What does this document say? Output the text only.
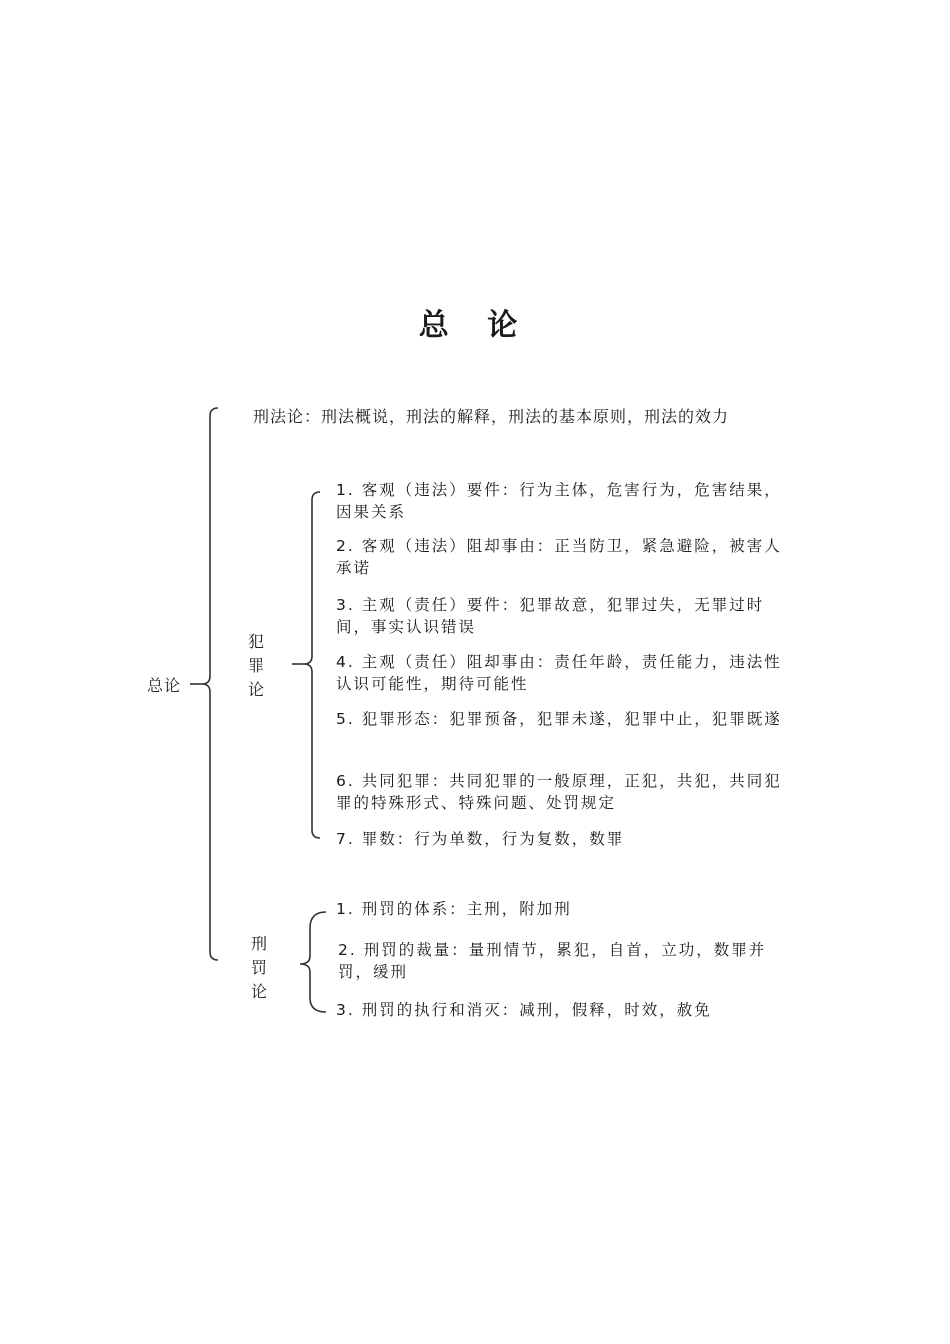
总 论
总论
刑法论：刑法概说，刑法的解释，刑法的基本原则，刑法的效力
犯罪论
1. 客观（违法）要件：行为主体，危害行为，危害结果，因果关系
2. 客观（违法）阻却事由：正当防卫，紧急避险，被害人承诺
3. 主观（责任）要件：犯罪故意，犯罪过失，无罪过时间，事实认识错误
4. 主观（责任）阻却事由：责任年龄，责任能力，违法性认识可能性，期待可能性
5. 犯罪形态：犯罪预备，犯罪未遂，犯罪中止，犯罪既遂
6. 共同犯罪：共同犯罪的一般原理，正犯，共犯，共同犯罪的特殊形式、特殊问题、处罚规定
7. 罪数：行为单数，行为复数，数罪
刑罚论
1. 刑罚的体系：主刑，附加刑
2. 刑罚的裁量：量刑情节，累犯，自首，立功，数罪并罚，缓刑
3. 刑罚的执行和消灭：减刑，假释，时效，赦免
